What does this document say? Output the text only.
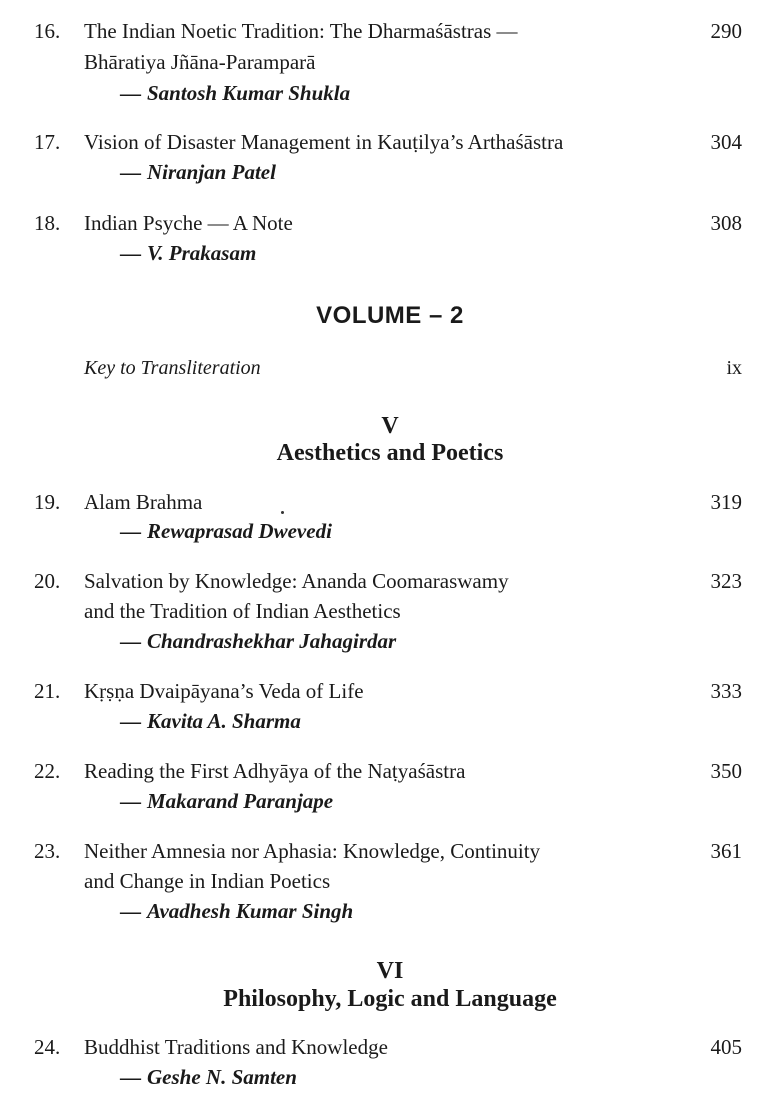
16.	The Indian Noetic Tradition: The Dharmaśāstras —	290
Bhāratiya Jñāna-Paramparā
— Santosh Kumar Shukla
17.	Vision of Disaster Management in Kauṭilya’s Arthaśāstra	304
— Niranjan Patel
18.	Indian Psyche — A Note	308
— V. Prakasam
VOLUME – 2
Key to Transliteration	ix
V
Aesthetics and Poetics
19.	Alam Brahma	319
— Rewaprasad Dwevedi
20.	Salvation by Knowledge: Ananda Coomaraswamy	323
and the Tradition of Indian Aesthetics
— Chandrashekhar Jahagirdar
21.	Kṛṣṇa Dvaipāyana’s Veda of Life	333
— Kavita A. Sharma
22.	Reading the First Adhyāya of the Naṭyaśāstra	350
— Makarand Paranjape
23.	Neither Amnesia nor Aphasia: Knowledge, Continuity	361
and Change in Indian Poetics
— Avadhesh Kumar Singh
VI
Philosophy, Logic and Language
24.	Buddhist Traditions and Knowledge	405
— Geshe N. Samten
